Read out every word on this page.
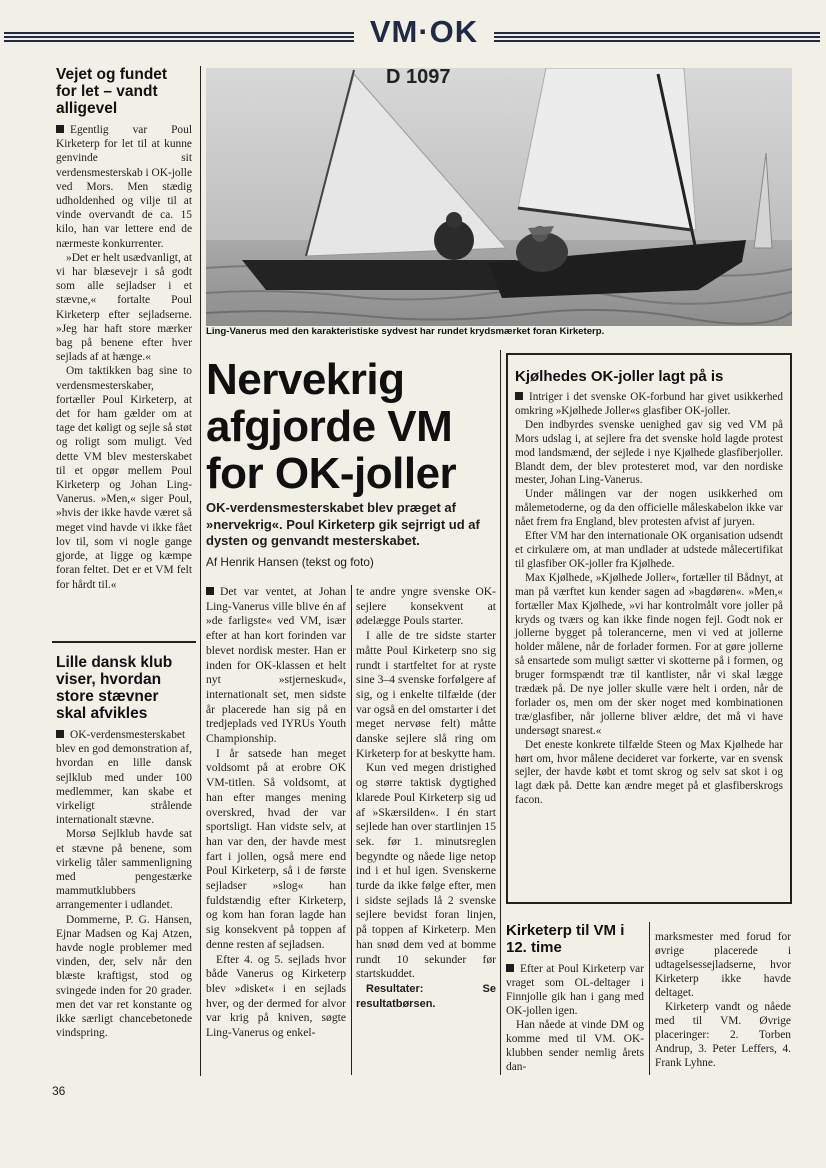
VM·OK
Vejet og fundet for let – vandt alligevel

Egentlig var Poul Kirketerp for let til at kunne genvinde sit verdensmesterskab i OK-jolle ved Mors. Men stædig udholdenhed og vilje til at vinde overvandt de ca. 15 kilo, han var lettere end de nærmeste konkurrenter.

»Det er helt usædvanligt, at vi har blæsevejr i så godt som alle sejladser i et stævne,« fortalte Poul Kirketerp efter sejladserne. »Jeg har haft store mærker bag på benene efter hver sejlads af at hænge.«

Om taktikken bag sine to verdensmesterskaber, fortæller Poul Kirketerp, at det for ham gælder om at tage det køligt og sejle så støt og roligt som muligt. Ved dette VM blev mesterskabet til et opgør mellem Poul Kirketerp og Johan Ling-Vanerus. »Men,« siger Poul, »hvis der ikke havde været så meget vind havde vi ikke fået lov til, som vi nogle gange gjorde, at ligge og kæmpe foran feltet. Det er et VM felt for hårdt til.«

Lille dansk klub viser, hvordan store stævner skal afvikles

OK-verdensmesterskabet blev en god demonstration af, hvordan en lille dansk sejlklub med under 100 medlemmer, kan skabe et virkeligt strålende internationalt stævne.

Morsø Sejlklub havde sat et stævne på benene, som virkelig tåler sammenligning med pengestærke mammutklubbers arrangementer i udlandet.

Dommerne, P. G. Hansen, Ejnar Madsen og Kaj Atzen, havde nogle problemer med vinden, der, selv når den blæste kraftigst, stod og svingede inden for 20 grader. men det var ret konstante og ikke særligt chancebetonede vindspring.

D 1097
Ling-Vanerus med den karakteristiske sydvest har rundet krydsmærket foran Kirketerp.
Nervekrig
afgjorde VM
for OK-joller
OK-verdensmesterskabet blev præget af »nervekrig«. Poul Kirketerp gik sejrrigt ud af dysten og genvandt mesterskabet.
Af Henrik Hansen (tekst og foto)

Det var ventet, at Johan Ling-Vanerus ville blive én af »de farligste« ved VM, især efter at han kort forinden var blevet nordisk mester. Han er inden for OK-klassen et helt nyt »stjerneskud«, internationalt set, men sidste år placerede han sig på en tredjeplads ved IYRUs Youth Championship.

I år satsede han meget voldsomt på at erobre OK VM-titlen. Så voldsomt, at han efter manges mening overskred, hvad der var sportsligt. Han vidste selv, at han var den, der havde mest fart i jollen, også mere end Poul Kirketerp, så i de første sejladser »slog« han fuldstændig efter Kirketerp, og kom han foran lagde han sig konsekvent på toppen af denne resten af sejladsen.

Efter 4. og 5. sejlads hvor både Vanerus og Kirketerp blev »disket« i en sejlads hver, og der dermed for alvor var krig på kniven, søgte Ling-Vanerus og enkel-

te andre yngre svenske OK-sejlere konsekvent at ødelægge Pouls starter.

I alle de tre sidste starter måtte Poul Kirketerp sno sig rundt i startfeltet for at ryste sine 3–4 svenske forfølgere af sig, og i enkelte tilfælde (der var også en del omstarter i det meget nervøse felt) måtte danske sejlere slå ring om Kirketerp for at beskytte ham.

Kun ved megen dristighed og større taktisk dygtighed klarede Poul Kirketerp sig ud af »Skærsilden«. I én start sejlede han over startlinjen 15 sek. før 1. minutsreglen begyndte og nåede lige netop ind i et hul igen. Svenskerne turde da ikke følge efter, men i sidste sejlads lå 2 svenske sejlere bevidst foran linjen, på toppen af Kirketerp. Men han snød dem ved at bomme rundt 10 sekunder før startskuddet.

Resultater: Se resultatbørsen.

Kjølhedes OK-joller lagt på is

Intriger i det svenske OK-forbund har givet usikkerhed omkring »Kjølhede Joller«s glasfiber OK-joller.

Den indbyrdes svenske uenighed gav sig ved VM på Mors udslag i, at sejlere fra det svenske hold lagde protest mod landsmænd, der sejlede i nye Kjølhede glasfiberjoller. Blandt dem, der blev protesteret mod, var den nordiske mester, Johan Ling-Vanerus.

Under målingen var der nogen usikkerhed om målemetoderne, og da den officielle måleskabelon ikke var nået frem fra England, blev protesten afvist af juryen.

Efter VM har den internationale OK organisation udsendt et cirkulære om, at man undlader at udstede målecertifikat til glasfiber OK-joller fra Kjølhede.

Max Kjølhede, »Kjølhede Joller«, fortæller til Bådnyt, at man på værftet kun kender sagen ad »bagdøren«. »Men,« fortæller Max Kjølhede, »vi har kontrolmålt vore joller på kryds og tværs og kan ikke finde nogen fejl. Godt nok er jollerne bygget på tolerancerne, men vi ved at jollerne holder målene, når de forlader formen. For at gøre jollerne så ensartede som muligt sætter vi skotterne på i formen, og bruger formspændt træ til kantlister, når vi skal lægge trædæk på. De nye joller skulle være helt i orden, når de forlader os, men om der sker noget med kombinationen træ/glasfiber, når jollerne bliver ældre, det må vi have undersøgt snarest.«

Det eneste konkrete tilfælde Steen og Max Kjølhede har hørt om, hvor målene decideret var forkerte, var en svensk sejler, der havde købt et tomt skrog og selv sat skot i og lagt dæk på. Dette kan ændre meget på et glasfiberskrogs facon.

Kirketerp til VM i 12. time

Efter at Poul Kirketerp var vraget som OL-deltager i Finnjolle gik han i gang med OK-jollen igen.

Han nåede at vinde DM og komme med til VM. OK-klubben sender nemlig årets dan-

marksmester med forud for øvrige placerede i udtagelsessejladserne, hvor Kirketerp ikke havde deltaget.

Kirketerp vandt og nåede med til VM. Øvrige placeringer: 2. Torben Andrup, 3. Peter Leffers, 4. Frank Lyhne.

36
